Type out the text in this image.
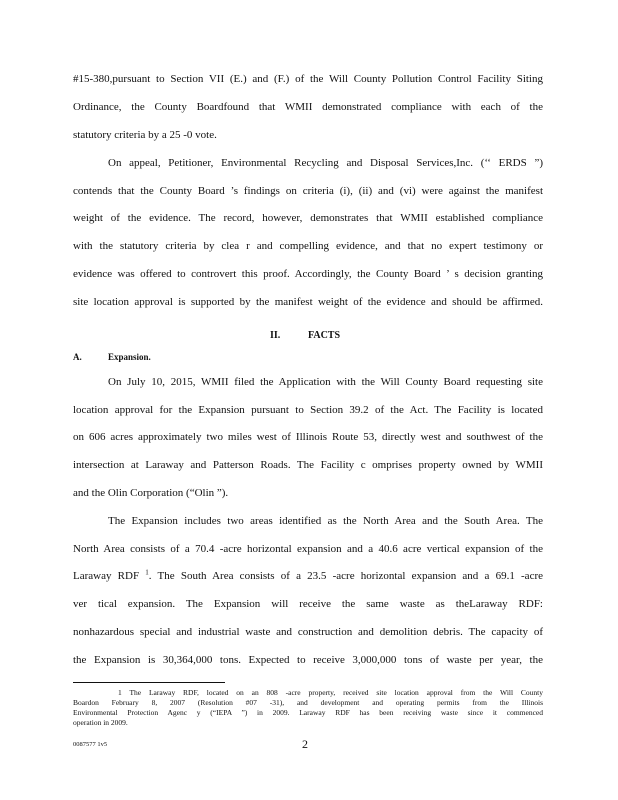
#15-380,pursuant to Section VII (E.) and (F.) of the Will County Pollution Control Facility Siting
Ordinance, the County Boardfound that WMII demonstrated compliance with each of the
statutory criteria by a 25 -0 vote.
On appeal, Petitioner, Environmental Recycling and Disposal Services,Inc. (‘‘ ERDS ”)
contends that the County Board ’s findings on criteria (i), (ii) and (vi) were against the manifest
weight of the evidence. The record, however, demonstrates that WMII established compliance
with the statutory criteria by clea r and compelling evidence, and that no expert testimony or
evidence was offered to controvert this proof. Accordingly, the County Board ’ s decision granting
site location approval is supported by the manifest weight of the evidence and should be affirmed.
II.	FACTS
A.	Expansion.
On July 10, 2015, WMII filed the Application with the Will County Board requesting site
location approval for the Expansion pursuant to Section 39.2 of the Act. The Facility is located
on 606 acres approximately two miles west of Illinois Route 53, directly west and southwest of the
intersection at Laraway and Patterson Roads. The Facility c omprises property owned by WMII
and the Olin Corporation (“Olin ”).
The Expansion includes two areas identified as the North Area and the South Area. The
North Area consists of a 70.4 -acre horizontal expansion and a 40.6 acre vertical expansion of the
Laraway RDF $^1$. The South Area consists of a 23.5 -acre horizontal expansion and a 69.1 -acre
ver tical expansion. The Expansion will receive the same waste as theLaraway RDF:
nonhazardous special and industrial waste and construction and demolition debris. The capacity of
the Expansion is 30,364,000 tons. Expected to receive 3,000,000 tons of waste per year, the
1 The Laraway RDF, located on an 808 -acre property, received site location approval from the Will County
Boardon February 8, 2007 (Resolution #07 -31), and development and operating permits from the Illinois
Environmental Protection Agenc y (“IEPA ”) in 2009. Laraway RDF has been receiving waste since it commenced
operation in 2009.
0087577 1v5	2
